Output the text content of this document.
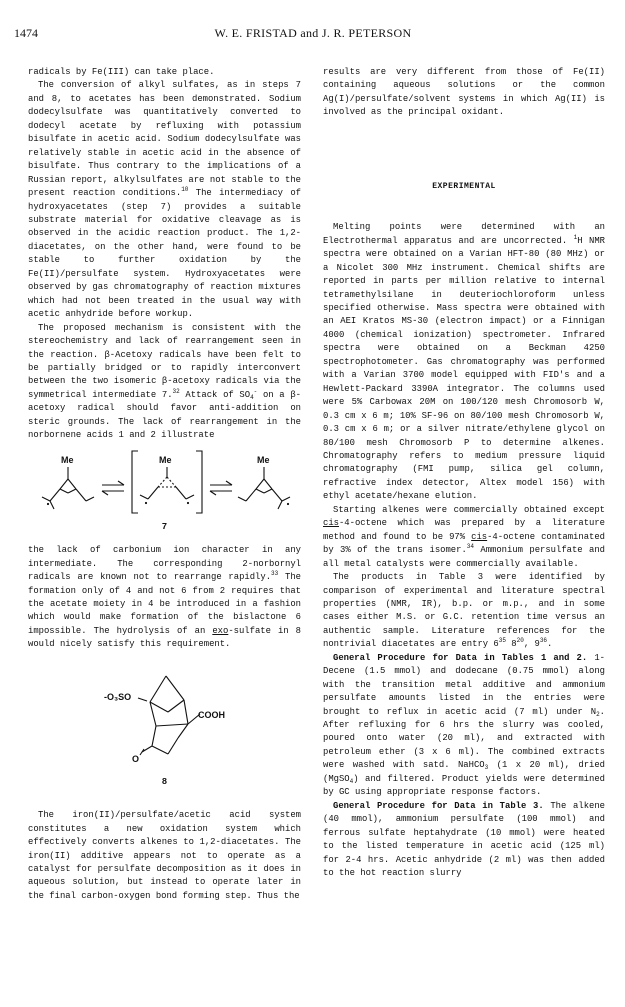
1474	W. E. FRISTAD and J. R. PETERSON

radicals by Fe(III) can take place.

The conversion of alkyl sulfates, as in steps 7 and 8, to acetates has been demonstrated. Sodium dodecylsulfate was quantitatively converted to dodecyl acetate by refluxing with potassium bisulfate in acetic acid. Sodium dodecylsulfate was relatively stable in acetic acid in the absence of bisulfate. Thus contrary to the implications of a Russian report, alkylsulfates are not stable to the present reaction conditions.$^{10}$ The intermediacy of hydroxyacetates (step 7) provides a suitable substrate material for oxidative cleavage as is observed in the acidic reaction product. The 1,2-diacetates, on the other hand, were found to be stable to further oxidation by the Fe(II)/persulfate system. Hydroxyacetates were observed by gas chromatography of reaction mixtures which had not been treated in the usual way with acetic anhydride before workup.

The proposed mechanism is consistent with the stereochemistry and lack of rearrangement seen in the reaction. β-Acetoxy radicals have been felt to be partially bridged or to rapidly interconvert between the two isomeric β-acetoxy radicals via the symmetrical intermediate 7.32 Attack of $SO_4^-$ on a β-acetoxy radical should favor anti-addition on steric grounds. The lack of rearrangement in the norbornene acids 1 and 2 illustrate

Me	Me	Me
7

the lack of carbonium ion character in any intermediate. The corresponding 2-norbornyl radicals are known not to rearrange rapidly.$^{33}$ The formation only of 4 and not 6 from 2 requires that the acetate moiety in 4 be introduced in a fashion which would make formation of the bislactone 6 impossible. The hydrolysis of an exo-sulfate in 8 would nicely satisfy this requirement.

-O₃SO
COOH
O
8

The iron(II)/persulfate/acetic acid system constitutes a new oxidation system which effectively converts alkenes to 1,2-diacetates. The iron(II) additive appears not to operate as a catalyst for persulfate decomposition as it does in aqueous solution, but instead to operate later in the final carbon-oxygen bond forming step. Thus the

results are very different from those of Fe(II) containing aqueous solutions or the common Ag(I)/persulfate/solvent systems in which Ag(II) is involved as the principal oxidant.

EXPERIMENTAL

Melting points were determined with an Electrothermal apparatus and are uncorrected. $^1$H NMR spectra were obtained on a Varian HFT-80 (80 MHz) or a Nicolet 300 MHz instrument. Chemical shifts are reported in parts per million relative to internal tetramethylsilane in deuteriochloroform unless specified otherwise. Mass spectra were obtained with an AEI Kratos MS-30 (electron impact) or a Finnigan 4000 (chemical ionization) spectrometer. Infrared spectra were obtained on a Beckman 4250 spectrophotometer. Gas chromatography was performed with a Varian 3700 model equipped with FID's and a Hewlett-Packard 3390A integrator. The columns used were 5% Carbowax 20M on 100/120 mesh Chromosorb W, 0.3 cm x 6 m; 10% SF-96 on 80/100 mesh Chromosorb W, 0.3 cm x 6 m; or a silver nitrate/ethylene glycol on 80/100 mesh Chromosorb P to determine alkenes. Chromatography refers to medium pressure liquid chromatography (FMI pump, silica gel column, refractive index detector, Altex model 156) with ethyl acetate/hexane elution.

Starting alkenes were commercially obtained except cis-4-octene which was prepared by a literature method and found to be 97% cis-4-octene contaminated by 3% of the trans isomer.$^{34}$ Ammonium persulfate and all metal catalysts were commercially available.

The products in Table 3 were identified by comparison of experimental and literature spectral properties (NMR, IR), b.p. or m.p., and in some cases either M.S. or G.C. retention time versus an authentic sample. Literature references for the nontrivial diacetates are entry $6^{35}$ $8^{20}$, $9^{36}$.

General Procedure for Data in Tables 1 and 2. 1-Decene (1.5 mmol) and dodecane (0.75 mmol) along with the transition metal additive and ammonium persulfate amounts listed in the entries were brought to reflux in acetic acid (7 ml) under $N_2$. After refluxing for 6 hrs the slurry was cooled, poured onto water (20 ml), and extracted with petroleum ether (3 x 6 ml). The combined extracts were washed with satd. NaHCO$_3$ (1 x 20 ml), dried (MgSO$_4$) and filtered. Product yields were determined by GC using appropriate response factors.

General Procedure for Data in Table 3. The alkene (40 mmol), ammonium persulfate (100 mmol) and ferrous sulfate heptahydrate (10 mmol) were heated to the listed temperature in acetic acid (125 ml) for 2-4 hrs. Acetic anhydride (2 ml) was then added to the hot reaction slurry
